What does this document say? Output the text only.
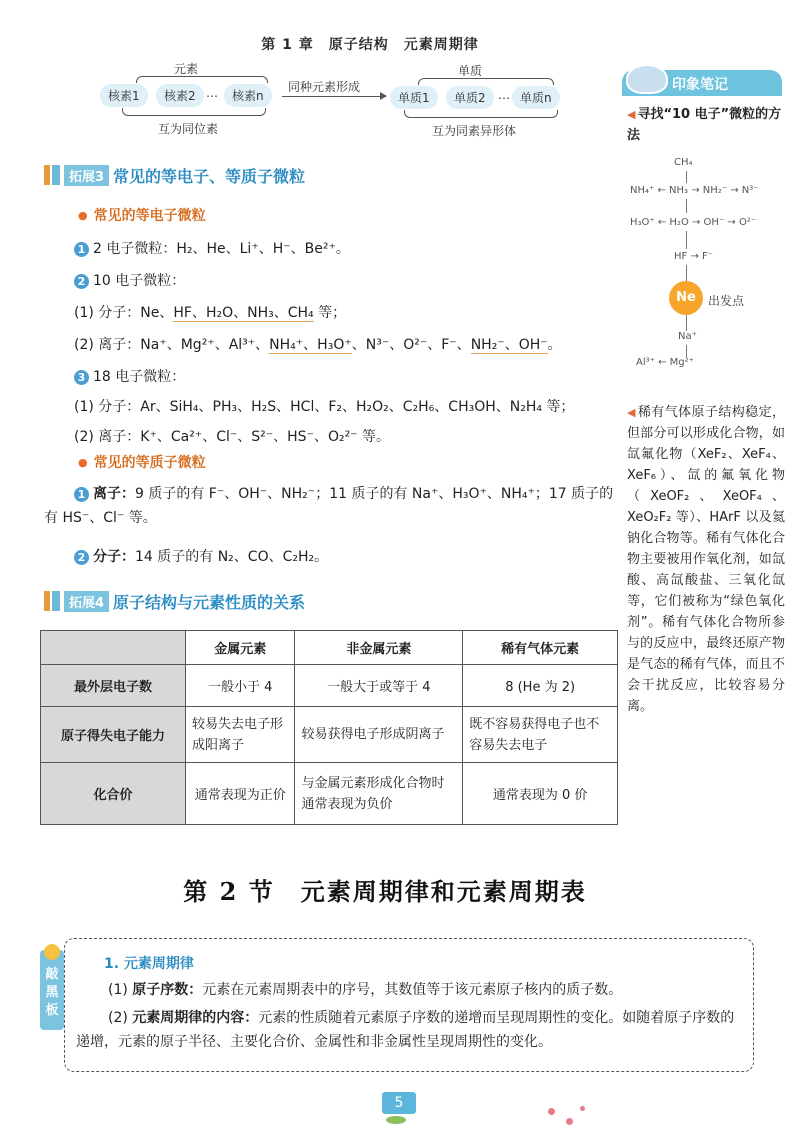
第 1 章　原子结构　元素周期律
元素
核素1	核素2 …	核素n
同种元素形成
单质
单质1	单质2	… 单质n
互为同位素	互为同素异形体
拓展3 常见的等电子、等质子微粒
● 常见的等电子微粒
1 2 电子微粒：H₂、He、Li⁺、H⁻、Be²⁺。
2 10 电子微粒：
(1) 分子：Ne、HF、H₂O、NH₃、CH₄ 等；
(2) 离子：Na⁺、Mg²⁺、Al³⁺、NH₄⁺、H₃O⁺、N³⁻、O²⁻、F⁻、NH₂⁻、OH⁻。
3 18 电子微粒：
(1) 分子：Ar、SiH₄、PH₃、H₂S、HCl、F₂、H₂O₂、C₂H₆、CH₃OH、N₂H₄ 等；
(2) 离子：K⁺、Ca²⁺、Cl⁻、S²⁻、HS⁻、O₂²⁻ 等。
● 常见的等质子微粒
1 离子：9 质子的有 F⁻、OH⁻、NH₂⁻；11 质子的有 Na⁺、H₃O⁺、NH₄⁺；17 质子的有 HS⁻、Cl⁻ 等。
2 分子：14 质子的有 N₂、CO、C₂H₂。
拓展4 原子结构与元素性质的关系
	金属元素	非金属元素	稀有气体元素
最外层电子数	一般小于 4	一般大于或等于 4	8 (He 为 2)
原子得失电子能力	较易失去电子形成阳离子	较易获得电子形成阴离子	既不容易获得电子也不容易失去电子
化合价	通常表现为正价	与金属元素形成化合物时通常表现为负价	通常表现为 0 价
印象笔记
◀ 寻找“10 电子”微粒的方法
CH₄
NH₄⁺ ← NH₃ → NH₂⁻ → N³⁻
H₃O⁺ ← H₂O → OH⁻ → O²⁻
HF → F⁻
Ne	出发点
Na⁺
Al³⁺ ← Mg²⁺
◀ 稀有气体原子结构稳定，但部分可以形成化合物，如氙氟化物（XeF₂、XeF₄、XeF₆）、氙的氟氧化物（XeOF₂、XeOF₄、XeO₂F₂ 等）、HArF 以及氦钠化合物等。稀有气体化合物主要被用作氧化剂，如氙酸、高氙酸盐、三氧化氙等，它们被称为“绿色氧化剂”。稀有气体化合物所参与的反应中，最终还原产物是气态的稀有气体，而且不会干扰反应，比较容易分离。
第 2 节　元素周期律和元素周期表
敲黑板
1. 元素周期律
(1) 原子序数：元素在元素周期表中的序号，其数值等于该元素原子核内的质子数。
(2) 元素周期律的内容：元素的性质随着元素原子序数的递增而呈现周期性的变化。如随着原子序数的递增，元素的原子半径、主要化合价、金属性和非金属性呈现周期性的变化。
5
